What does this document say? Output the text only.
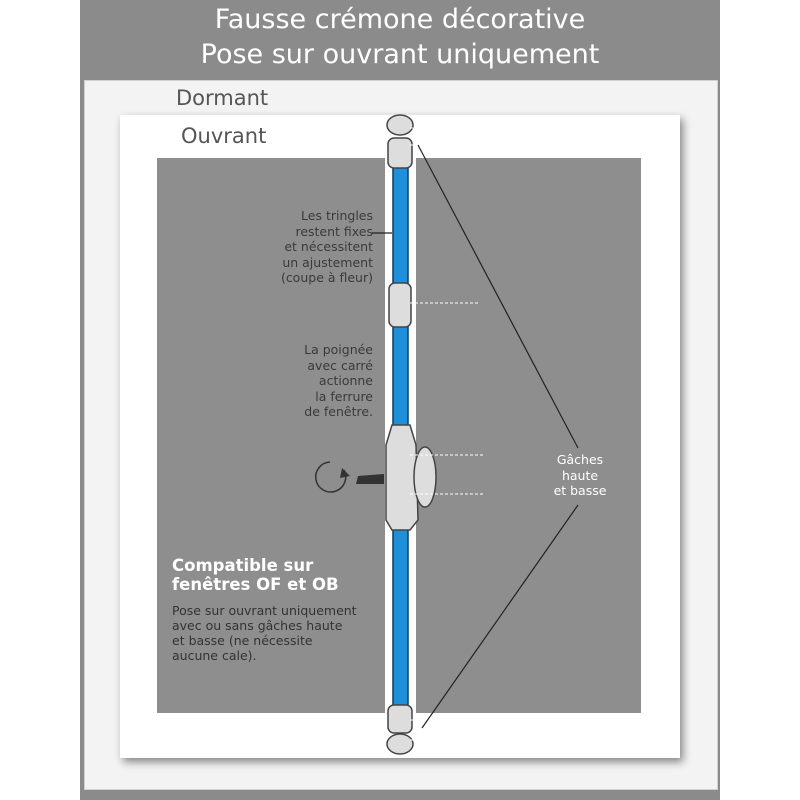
Fausse crémone décorative
Pose sur ouvrant uniquement
Dormant
Ouvrant
Les tringles
restent fixes
et nécessitent
un ajustement
(coupe à fleur)
La poignée
avec carré
actionne
la ferrure
de fenêtre.
Gâches
haute
et basse
Compatible sur
fenêtres OF et OB
Pose sur ouvrant uniquement
avec ou sans gâches haute
et basse (ne nécessite
aucune cale).
